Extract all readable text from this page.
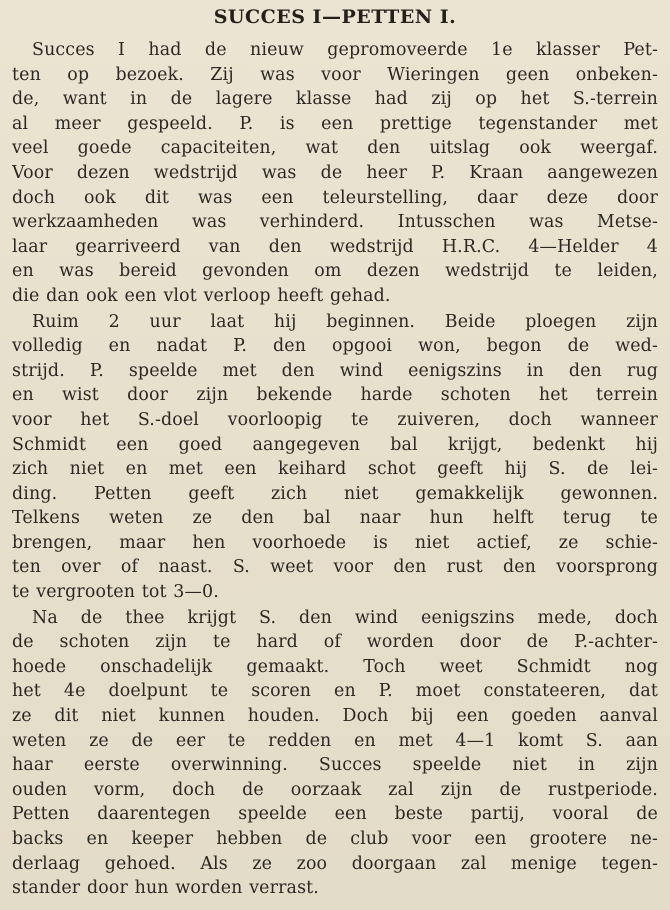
SUCCES I—PETTEN I.
Succes I had de nieuw gepromoveerde 1e klasser Pet-
ten op bezoek. Zij was voor Wieringen geen onbeken-
de, want in de lagere klasse had zij op het S.-terrein
al meer gespeeld. P. is een prettige tegenstander met
veel goede capaciteiten, wat den uitslag ook weergaf.
Voor dezen wedstrijd was de heer P. Kraan aangewezen
doch ook dit was een teleurstelling, daar deze door
werkzaamheden was verhinderd. Intusschen was Metse-
laar gearriveerd van den wedstrijd H.R.C. 4—Helder 4
en was bereid gevonden om dezen wedstrijd te leiden,
die dan ook een vlot verloop heeft gehad.
Ruim 2 uur laat hij beginnen. Beide ploegen zijn
volledig en nadat P. den opgooi won, begon de wed-
strijd. P. speelde met den wind eenigszins in den rug
en wist door zijn bekende harde schoten het terrein
voor het S.-doel voorloopig te zuiveren, doch wanneer
Schmidt een goed aangegeven bal krijgt, bedenkt hij
zich niet en met een keihard schot geeft hij S. de lei-
ding. Petten geeft zich niet gemakkelijk gewonnen.
Telkens weten ze den bal naar hun helft terug te
brengen, maar hen voorhoede is niet actief, ze schie-
ten over of naast. S. weet voor den rust den voorsprong
te vergrooten tot 3—0.
Na de thee krijgt S. den wind eenigszins mede, doch
de schoten zijn te hard of worden door de P.-achter-
hoede onschadelijk gemaakt. Toch weet Schmidt nog
het 4e doelpunt te scoren en P. moet constateeren, dat
ze dit niet kunnen houden. Doch bij een goeden aanval
weten ze de eer te redden en met 4—1 komt S. aan
haar eerste overwinning. Succes speelde niet in zijn
ouden vorm, doch de oorzaak zal zijn de rustperiode.
Petten daarentegen speelde een beste partij, vooral de
backs en keeper hebben de club voor een grootere ne-
derlaag gehoed. Als ze zoo doorgaan zal menige tegen-
stander door hun worden verrast.
